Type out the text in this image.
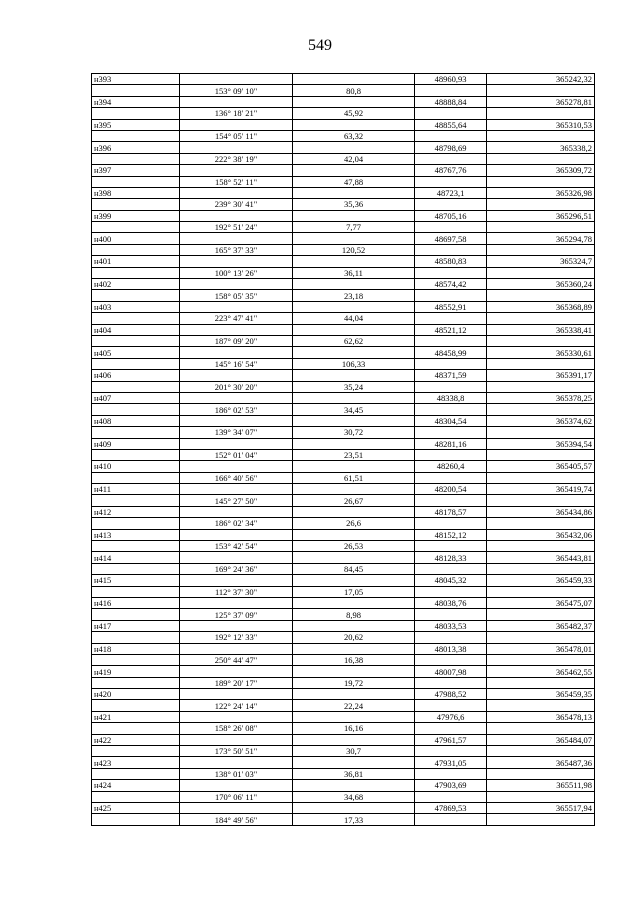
549
н393			48960,93	365242,32
	153° 09' 10"	80,8		
н394			48888,84	365278,81
	136° 18' 21"	45,92		
н395			48855,64	365310,53
	154° 05' 11"	63,32		
н396			48798,69	365338,2
	222° 38' 19"	42,04		
н397			48767,76	365309,72
	158° 52' 11"	47,88		
н398			48723,1	365326,98
	239° 30' 41"	35,36		
н399			48705,16	365296,51
	192° 51' 24"	7,77		
н400			48697,58	365294,78
	165° 37' 33"	120,52		
н401			48580,83	365324,7
	100° 13' 26"	36,11		
н402			48574,42	365360,24
	158° 05' 35"	23,18		
н403			48552,91	365368,89
	223° 47' 41"	44,04		
н404			48521,12	365338,41
	187° 09' 20"	62,62		
н405			48458,99	365330,61
	145° 16' 54"	106,33		
н406			48371,59	365391,17
	201° 30' 20"	35,24		
н407			48338,8	365378,25
	186° 02' 53"	34,45		
н408			48304,54	365374,62
	139° 34' 07"	30,72		
н409			48281,16	365394,54
	152° 01' 04"	23,51		
н410			48260,4	365405,57
	166° 40' 56"	61,51		
н411			48200,54	365419,74
	145° 27' 50"	26,67		
н412			48178,57	365434,86
	186° 02' 34"	26,6		
н413			48152,12	365432,06
	153° 42' 54"	26,53		
н414			48128,33	365443,81
	169° 24' 36"	84,45		
н415			48045,32	365459,33
	112° 37' 30"	17,05		
н416			48038,76	365475,07
	125° 37' 09"	8,98		
н417			48033,53	365482,37
	192° 12' 33"	20,62		
н418			48013,38	365478,01
	250° 44' 47"	16,38		
н419			48007,98	365462,55
	189° 20' 17"	19,72		
н420			47988,52	365459,35
	122° 24' 14"	22,24		
н421			47976,6	365478,13
	158° 26' 08"	16,16		
н422			47961,57	365484,07
	173° 50' 51"	30,7		
н423			47931,05	365487,36
	138° 01' 03"	36,81		
н424			47903,69	365511,98
	170° 06' 11"	34,68		
н425			47869,53	365517,94
	184° 49' 56"	17,33		
